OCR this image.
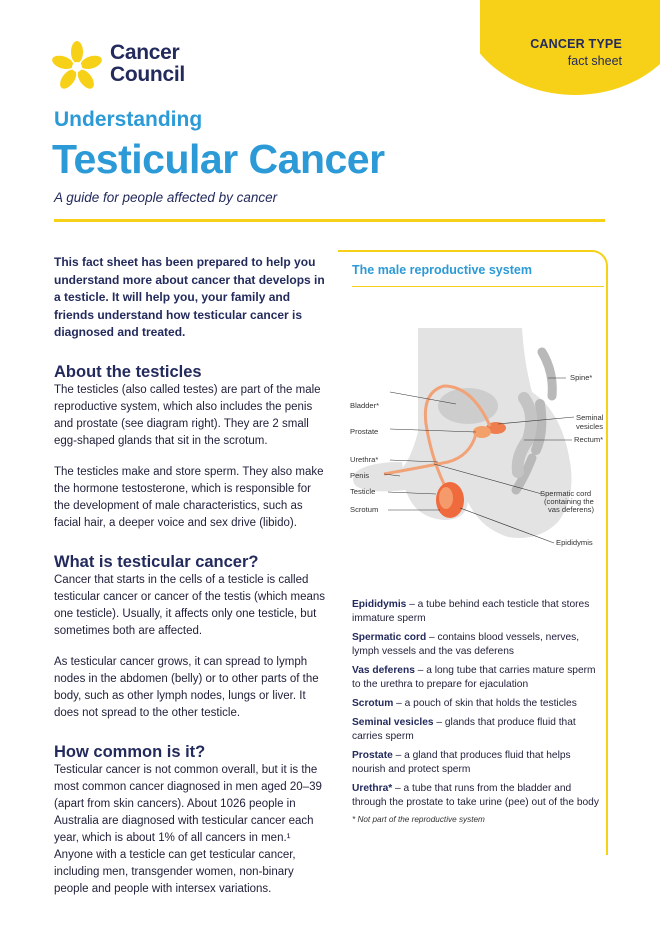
CANCER TYPE
fact sheet
Cancer
Council
Understanding
Testicular Cancer
A guide for people affected by cancer

This fact sheet has been prepared to help you understand more about cancer that develops in a testicle. It will help you, your family and friends understand how testicular cancer is diagnosed and treated.

About the testicles

The testicles (also called testes) are part of the male reproductive system, which also includes the penis and prostate (see diagram right). They are 2 small egg-shaped glands that sit in the scrotum.

The testicles make and store sperm. They also make the hormone testosterone, which is responsible for the development of male characteristics, such as facial hair, a deeper voice and sex drive (libido).

What is testicular cancer?

Cancer that starts in the cells of a testicle is called testicular cancer or cancer of the testis (which means one testicle). Usually, it affects only one testicle, but sometimes both are affected.

As testicular cancer grows, it can spread to lymph nodes in the abdomen (belly) or to other parts of the body, such as other lymph nodes, lungs or liver. It does not spread to the other testicle.

How common is it?

Testicular cancer is not common overall, but it is the most common cancer diagnosed in men aged 20–39 (apart from skin cancers). About 1026 people in Australia are diagnosed with testicular cancer each year, which is about 1% of all cancers in men.¹ Anyone with a testicle can get testicular cancer, including men, transgender women, non-binary people and people with intersex variations.

The male reproductive system
Spine*
Bladder*
Seminal
vesicles
Prostate
Rectum*
Urethra*
Penis
Testicle	Spermatic cord
(containing the
vas deferens)
Scrotum
Epididymis
Epididymis – a tube behind each testicle that stores immature sperm
Spermatic cord – contains blood vessels, nerves, lymph vessels and the vas deferens
Vas deferens – a long tube that carries mature sperm to the urethra to prepare for ejaculation
Scrotum – a pouch of skin that holds the testicles
Seminal vesicles – glands that produce fluid that carries sperm
Prostate – a gland that produces fluid that helps nourish and protect sperm
Urethra* – a tube that runs from the bladder and through the prostate to take urine (pee) out of the body
* Not part of the reproductive system
